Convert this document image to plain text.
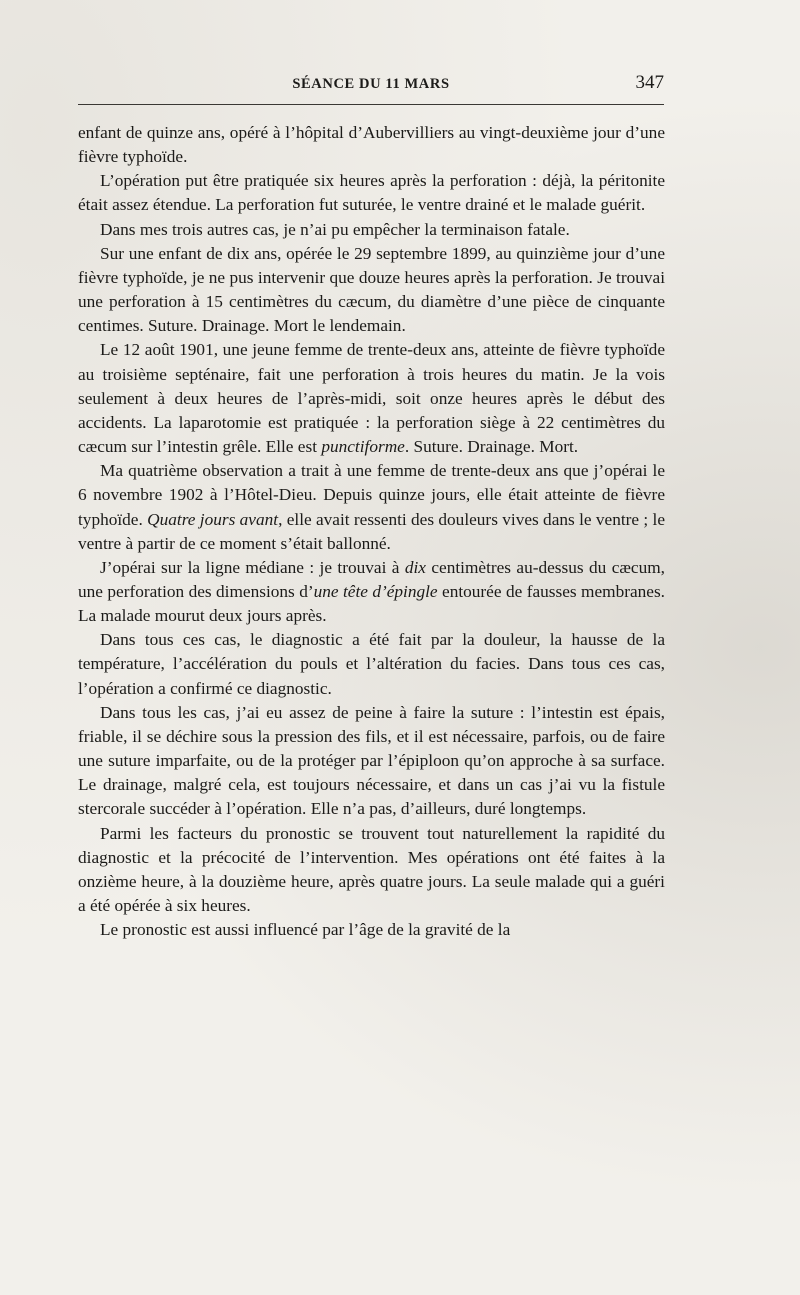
SÉANCE DU 11 MARS	347

enfant de quinze ans, opéré à l’hôpital d’Aubervilliers au vingt-deuxième jour d’une fièvre typhoïde.

L’opération put être pratiquée six heures après la perforation : déjà, la péritonite était assez étendue. La perforation fut suturée, le ventre drainé et le malade guérit.

Dans mes trois autres cas, je n’ai pu empêcher la terminaison fatale.

Sur une enfant de dix ans, opérée le 29 septembre 1899, au quinzième jour d’une fièvre typhoïde, je ne pus intervenir que douze heures après la perforation. Je trouvai une perforation à 15 centimètres du cæcum, du diamètre d’une pièce de cinquante centimes. Suture. Drainage. Mort le lendemain.

Le 12 août 1901, une jeune femme de trente-deux ans, atteinte de fièvre typhoïde au troisième septénaire, fait une perforation à trois heures du matin. Je la vois seulement à deux heures de l’après-midi, soit onze heures après le début des accidents. La laparotomie est pratiquée : la perforation siège à 22 centimètres du cæcum sur l’intestin grêle. Elle est punctiforme. Suture. Drainage. Mort.

Ma quatrième observation a trait à une femme de trente-deux ans que j’opérai le 6 novembre 1902 à l’Hôtel-Dieu. Depuis quinze jours, elle était atteinte de fièvre typhoïde. Quatre jours avant, elle avait ressenti des douleurs vives dans le ventre ; le ventre à partir de ce moment s’était ballonné.

J’opérai sur la ligne médiane : je trouvai à dix centimètres au-dessus du cæcum, une perforation des dimensions d’une tête d’épingle entourée de fausses membranes. La malade mourut deux jours après.

Dans tous ces cas, le diagnostic a été fait par la douleur, la hausse de la température, l’accélération du pouls et l’altération du facies. Dans tous ces cas, l’opération a confirmé ce diagnostic.

Dans tous les cas, j’ai eu assez de peine à faire la suture : l’intestin est épais, friable, il se déchire sous la pression des fils, et il est nécessaire, parfois, ou de faire une suture imparfaite, ou de la protéger par l’épiploon qu’on approche à sa surface. Le drainage, malgré cela, est toujours nécessaire, et dans un cas j’ai vu la fistule stercorale succéder à l’opération. Elle n’a pas, d’ailleurs, duré longtemps.

Parmi les facteurs du pronostic se trouvent tout naturellement la rapidité du diagnostic et la précocité de l’intervention. Mes opérations ont été faites à la onzième heure, à la douzième heure, après quatre jours. La seule malade qui a guéri a été opérée à six heures.

Le pronostic est aussi influencé par l’âge de la gravité de la
